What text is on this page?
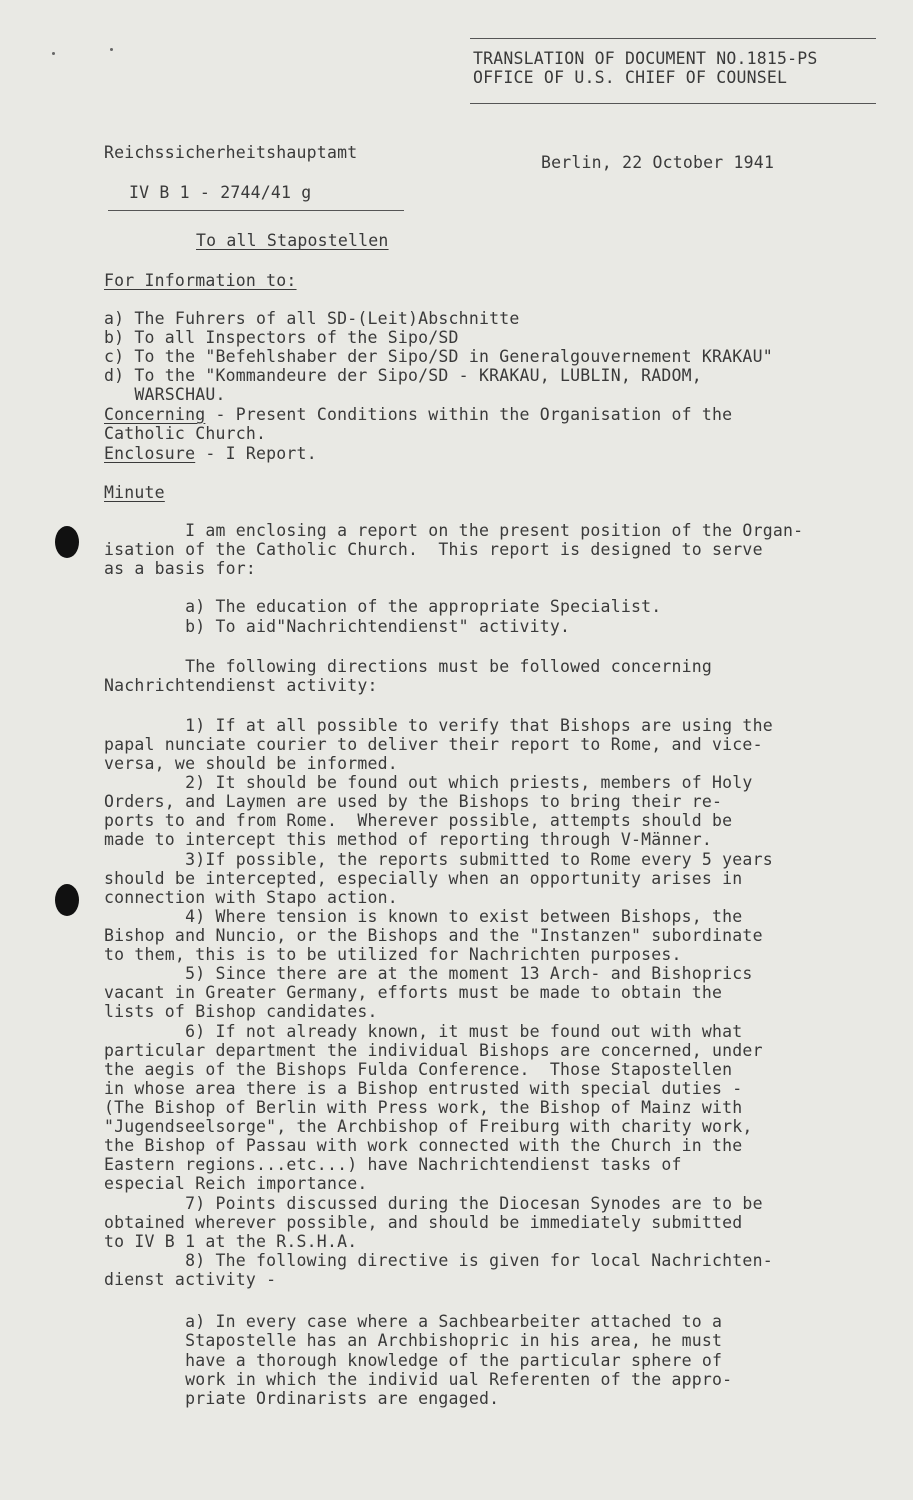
TRANSLATION OF DOCUMENT NO.1815-PS
OFFICE OF U.S. CHIEF OF COUNSEL
Reichssicherheitshauptamt
Berlin, 22 October 1941
IV B 1 - 2744/41 g
To all Stapostellen
For Information to:
a) The Fuhrers of all SD-(Leit)Abschnitte
b) To all Inspectors of the Sipo/SD
c) To the "Befehlshaber der Sipo/SD in Generalgouvernement KRAKAU"
d) To the "Kommandeure der Sipo/SD - KRAKAU, LUBLIN, RADOM,
WARSCHAU.
Concerning - Present Conditions within the Organisation of the
Catholic Church.
Enclosure - I Report.
Minute
I am enclosing a report on the present position of the Organ-
isation of the Catholic Church.  This report is designed to serve
as a basis for:
a) The education of the appropriate Specialist.
b) To aid"Nachrichtendienst" activity.
The following directions must be followed concerning
Nachrichtendienst activity:
1) If at all possible to verify that Bishops are using the
papal nunciate courier to deliver their report to Rome, and vice-
versa, we should be informed.
2) It should be found out which priests, members of Holy
Orders, and Laymen are used by the Bishops to bring their re-
ports to and from Rome.  Wherever possible, attempts should be
made to intercept this method of reporting through V-Männer.
3)If possible, the reports submitted to Rome every 5 years
should be intercepted, especially when an opportunity arises in
connection with Stapo action.
4) Where tension is known to exist between Bishops, the
Bishop and Nuncio, or the Bishops and the "Instanzen" subordinate
to them, this is to be utilized for Nachrichten purposes.
5) Since there are at the moment 13 Arch- and Bishoprics
vacant in Greater Germany, efforts must be made to obtain the
lists of Bishop candidates.
6) If not already known, it must be found out with what
particular department the individual Bishops are concerned, under
the aegis of the Bishops Fulda Conference.  Those Stapostellen
in whose area there is a Bishop entrusted with special duties -
(The Bishop of Berlin with Press work, the Bishop of Mainz with
"Jugendseelsorge", the Archbishop of Freiburg with charity work,
the Bishop of Passau with work connected with the Church in the
Eastern regions...etc...) have Nachrichtendienst tasks of
especial Reich importance.
7) Points discussed during the Diocesan Synodes are to be
obtained wherever possible, and should be immediately submitted
to IV B 1 at the R.S.H.A.
8) The following directive is given for local Nachrichten-
dienst activity -
a) In every case where a Sachbearbeiter attached to a
Stapostelle has an Archbishopric in his area, he must
have a thorough knowledge of the particular sphere of
work in which the individ ual Referenten of the appro-
priate Ordinarists are engaged.
